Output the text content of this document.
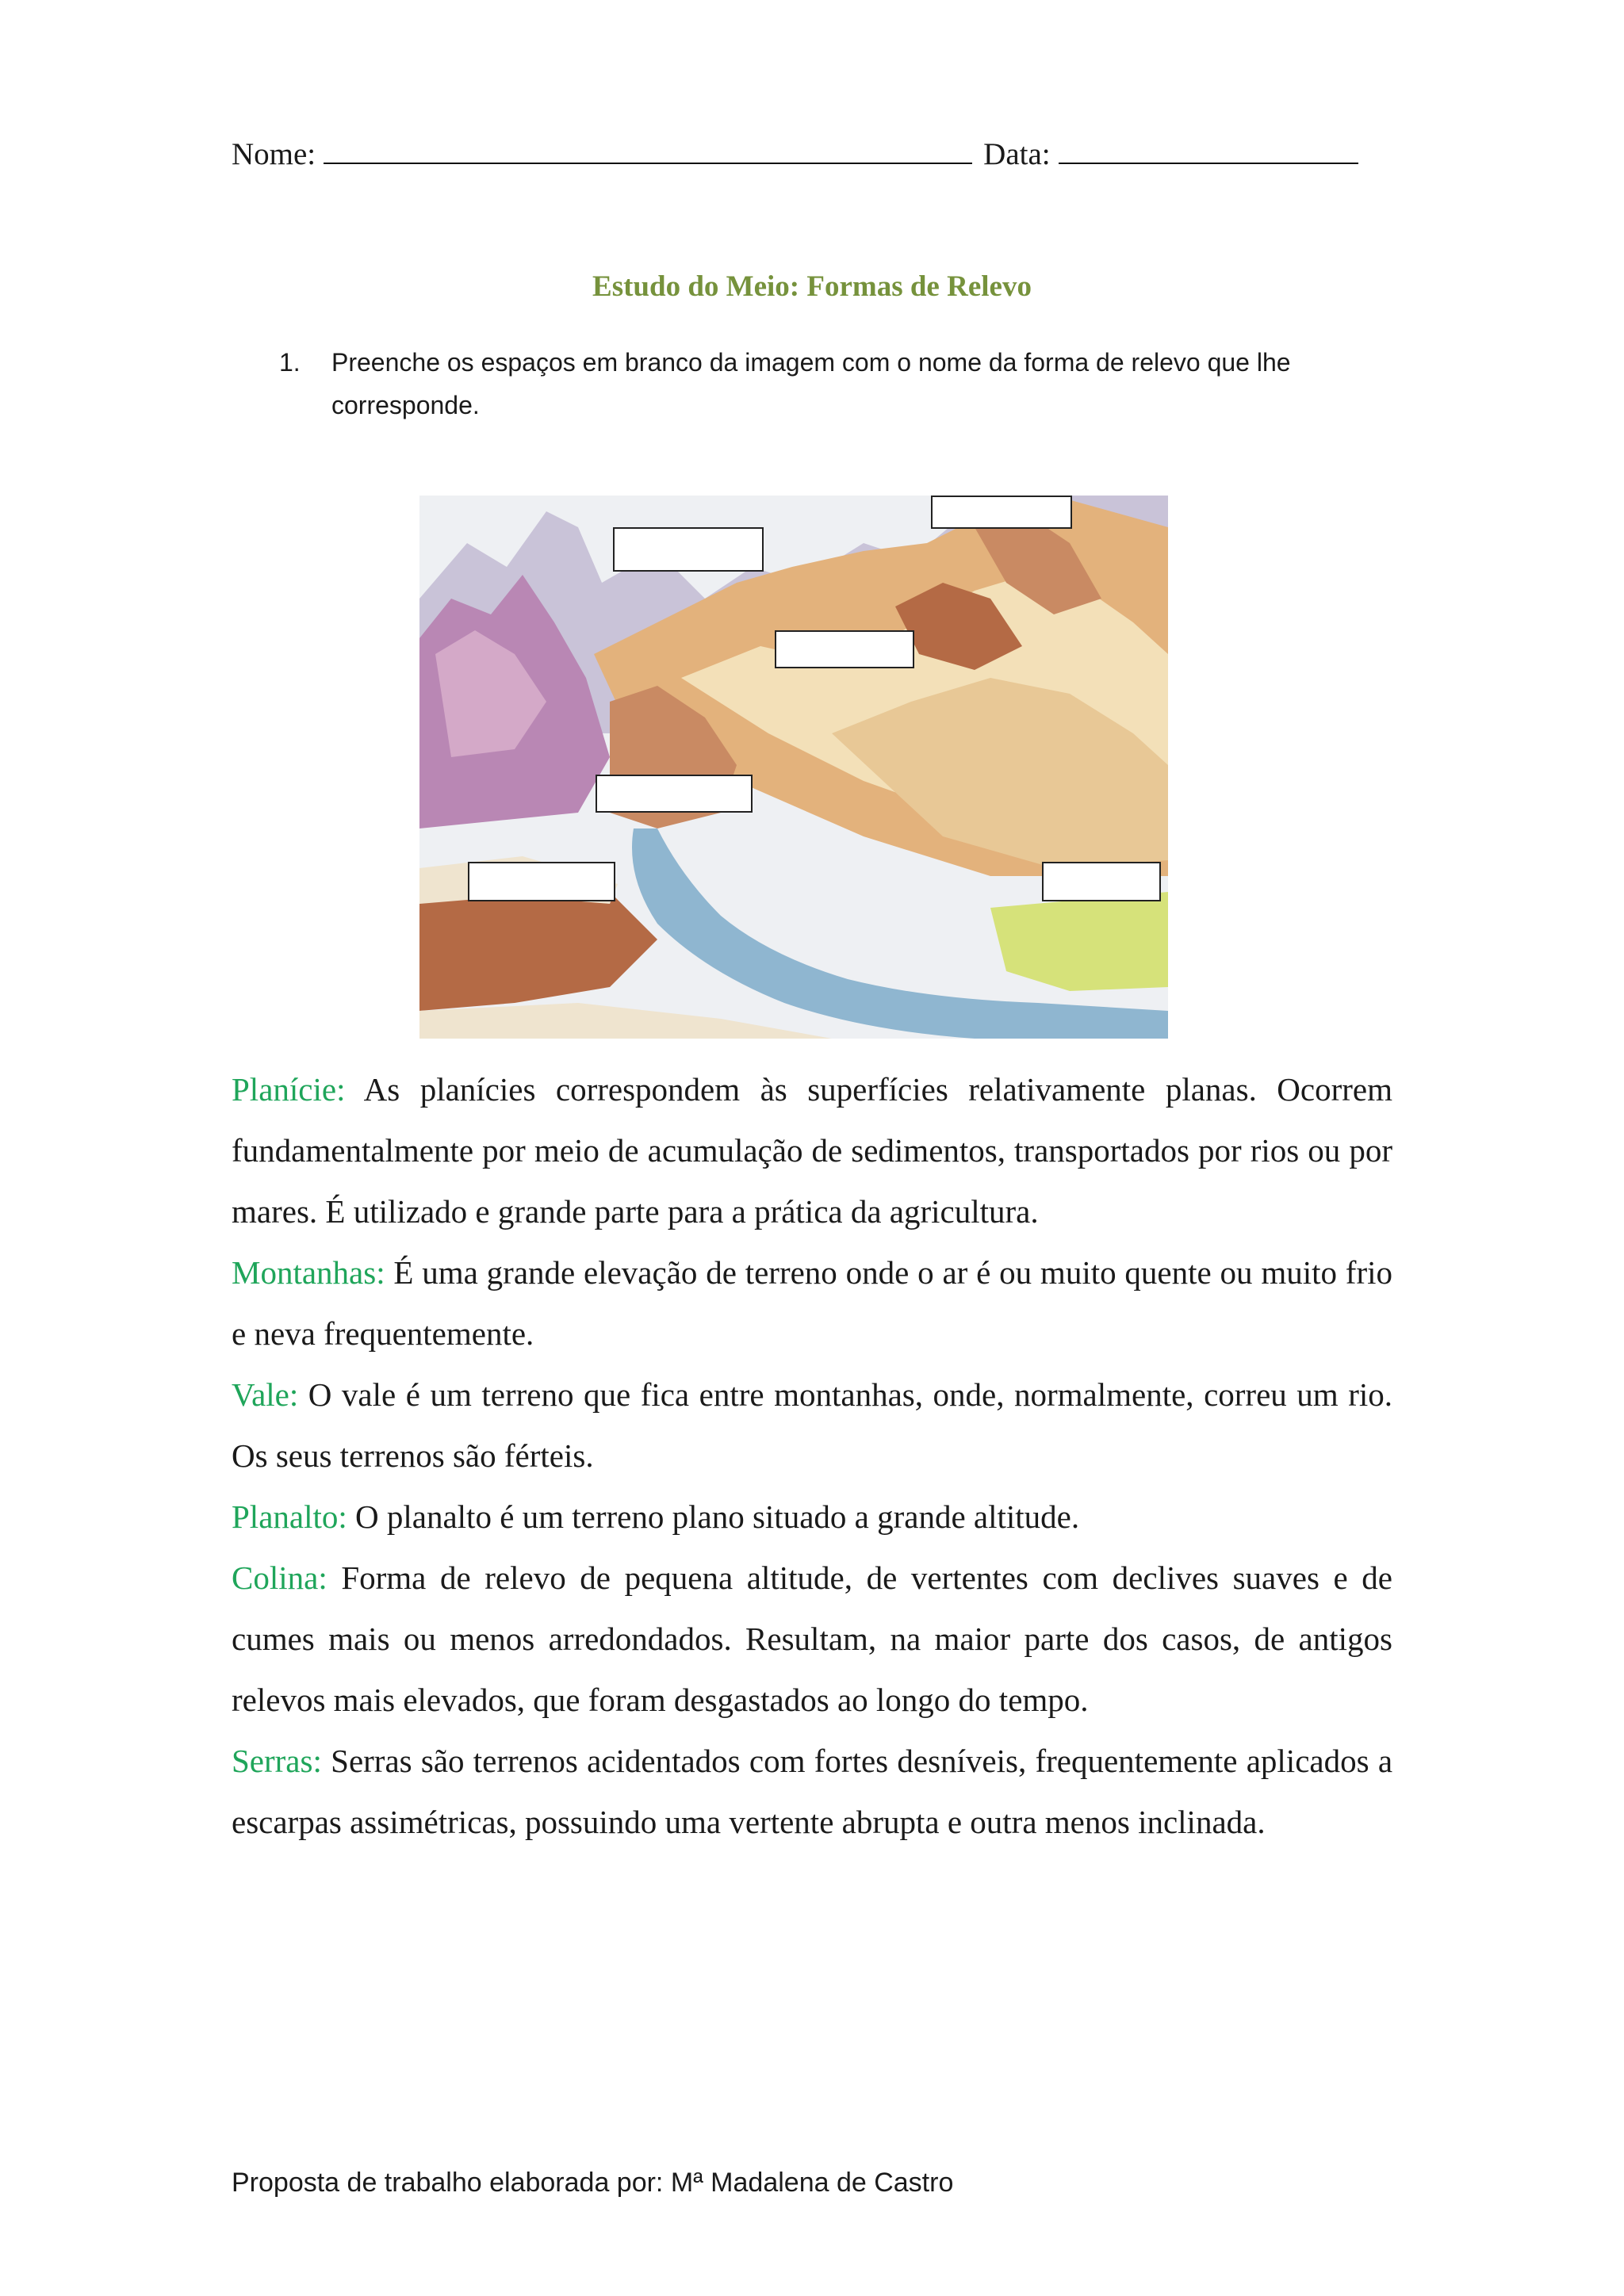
Nome:	Data:
Estudo do Meio: Formas de Relevo
1. Preenche os espaços em branco da imagem com o nome da forma de relevo que lhe corresponde.

Planície: As planícies correspondem às superfícies relativamente planas. Ocorrem fundamentalmente por meio de acumulação de sedimentos, transportados por rios ou por mares. É utilizado e grande parte para a prática da agricultura.

Montanhas: É uma grande elevação de terreno onde o ar é ou muito quente ou muito frio e neva frequentemente.

Vale: O vale é um terreno que fica entre montanhas, onde, normalmente, correu um rio. Os seus terrenos são férteis.

Planalto: O planalto é um terreno plano situado a grande altitude.

Colina: Forma de relevo de pequena altitude, de vertentes com declives suaves e de cumes mais ou menos arredondados. Resultam, na maior parte dos casos, de antigos relevos mais elevados, que foram desgastados ao longo do tempo.

Serras: Serras são terrenos acidentados com fortes desníveis, frequentemente aplicados a escarpas assimétricas, possuindo uma vertente abrupta e outra menos inclinada.

Proposta de trabalho elaborada por: Mª Madalena de Castro
